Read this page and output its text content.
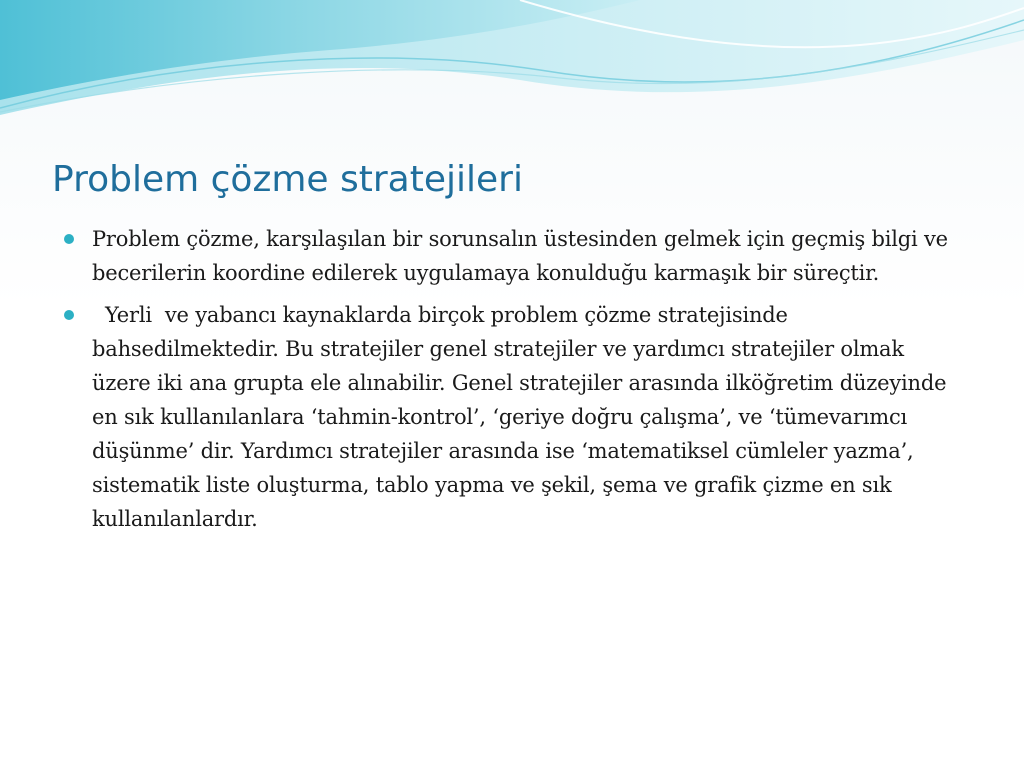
Problem çözme stratejileri
Problem çözme, karşılaşılan bir sorunsalın üstesinden gelmek için geçmiş bilgi ve becerilerin koordine edilerek uygulamaya konulduğu karmaşık bir süreçtir.
Yerli  ve yabancı kaynaklarda birçok problem çözme stratejisinde bahsedilmektedir. Bu stratejiler genel stratejiler ve yardımcı stratejiler olmak üzere iki ana grupta ele alınabilir. Genel stratejiler arasında ilköğretim düzeyinde en sık kullanılanlara ‘tahmin-kontrol’, ‘geriye doğru çalışma’, ve ‘tümevarımcı düşünme’ dir. Yardımcı stratejiler arasında ise ‘matematiksel cümleler yazma’, sistematik liste oluşturma, tablo yapma ve şekil, şema ve grafik çizme en sık kullanılanlardır.
